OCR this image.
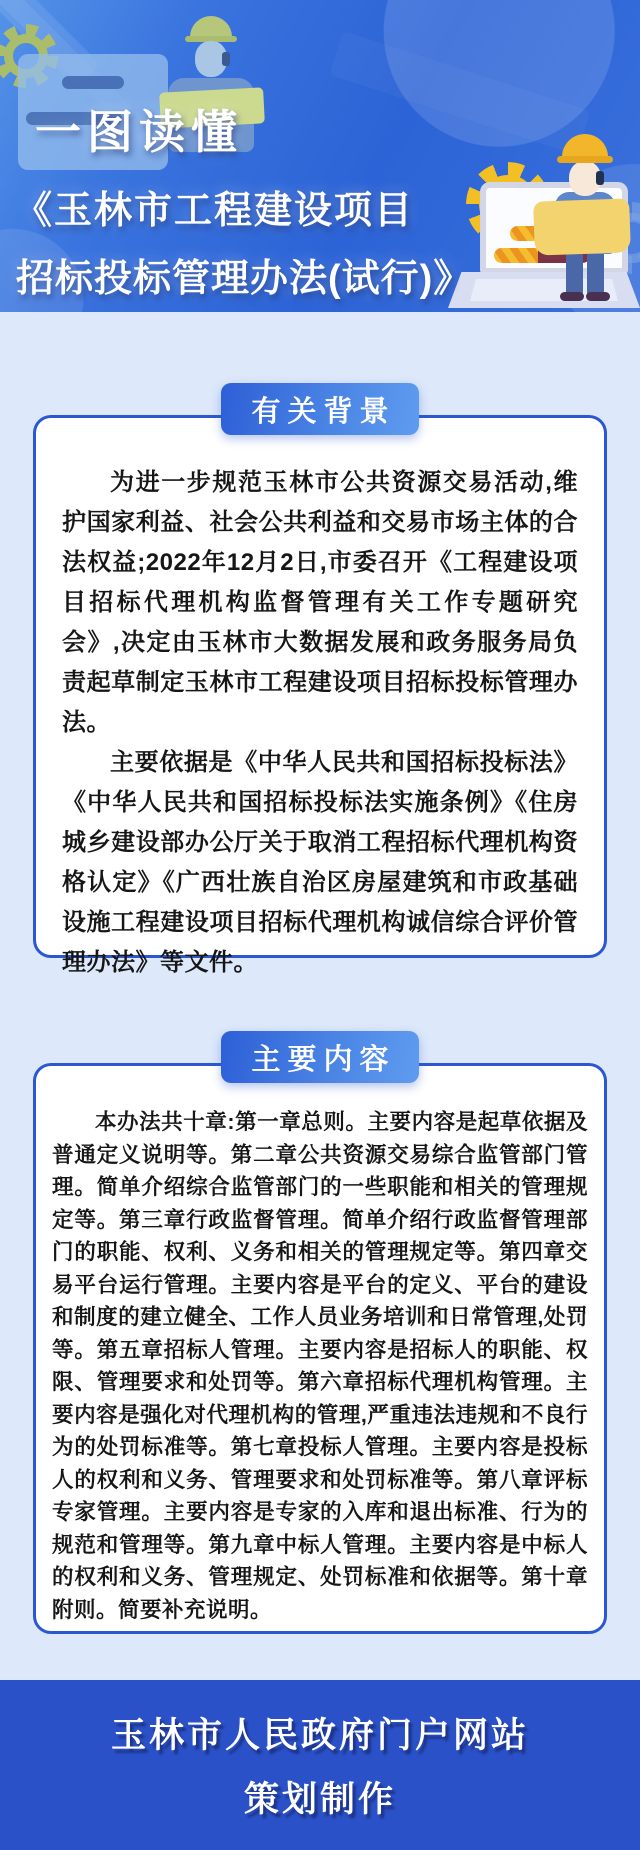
一图读懂
《玉林市工程建设项目
招标投标管理办法(试行)》
有关背景

为进一步规范玉林市公共资源交易活动,维护国家利益、社会公共利益和交易市场主体的合法权益;2022年12月2日,市委召开《工程建设项目招标代理机构监督管理有关工作专题研究会》,决定由玉林市大数据发展和政务服务局负责起草制定玉林市工程建设项目招标投标管理办法。

主要依据是《中华人民共和国招标投标法》《中华人民共和国招标投标法实施条例》《住房城乡建设部办公厅关于取消工程招标代理机构资格认定》《广西壮族自治区房屋建筑和市政基础设施工程建设项目招标代理机构诚信综合评价管理办法》等文件。

主要内容

本办法共十章:第一章总则。主要内容是起草依据及普通定义说明等。第二章公共资源交易综合监管部门管理。简单介绍综合监管部门的一些职能和相关的管理规定等。第三章行政监督管理。简单介绍行政监督管理部门的职能、权利、义务和相关的管理规定等。第四章交易平台运行管理。主要内容是平台的定义、平台的建设和制度的建立健全、工作人员业务培训和日常管理,处罚等。第五章招标人管理。主要内容是招标人的职能、权限、管理要求和处罚等。第六章招标代理机构管理。主要内容是强化对代理机构的管理,严重违法违规和不良行为的处罚标准等。第七章投标人管理。主要内容是投标人的权利和义务、管理要求和处罚标准等。第八章评标专家管理。主要内容是专家的入库和退出标准、行为的规范和管理等。第九章中标人管理。主要内容是中标人的权利和义务、管理规定、处罚标准和依据等。第十章附则。简要补充说明。

玉林市人民政府门户网站
策划制作
